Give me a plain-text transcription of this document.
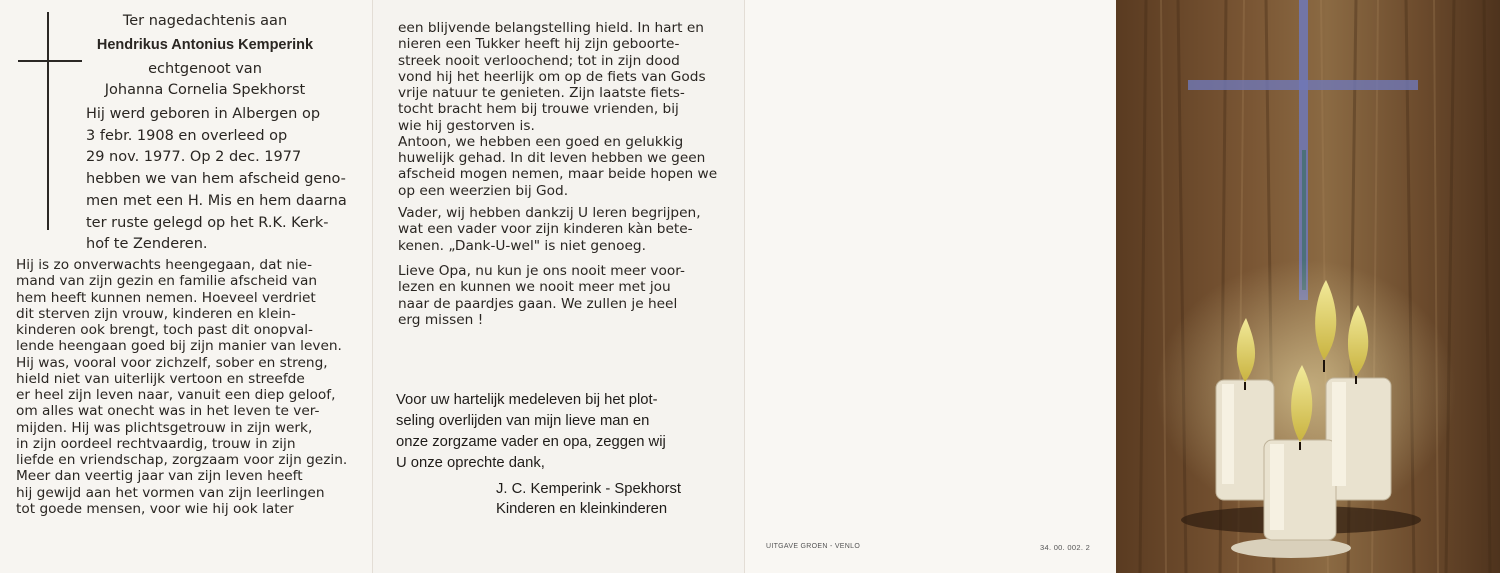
Ter nagedachtenis aan
Hendrikus Antonius Kemperink
echtgenoot van
Johanna Cornelia Spekhorst

Hij werd geboren in Albergen op
3 febr. 1908 en overleed op
29 nov. 1977. Op 2 dec. 1977
hebben we van hem afscheid geno-
men met een H. Mis en hem daarna
ter ruste gelegd op het R.K. Kerk-
hof te Zenderen.

Hij is zo onverwachts heengegaan, dat nie-
mand van zijn gezin en familie afscheid van
hem heeft kunnen nemen. Hoeveel verdriet
dit sterven zijn vrouw, kinderen en klein-
kinderen ook brengt, toch past dit onopval-
lende heengaan goed bij zijn manier van leven.
Hij was, vooral voor zichzelf, sober en streng,
hield niet van uiterlijk vertoon en streefde
er heel zijn leven naar, vanuit een diep geloof,
om alles wat onecht was in het leven te ver-
mijden. Hij was plichtsgetrouw in zijn werk,
in zijn oordeel rechtvaardig, trouw in zijn
liefde en vriendschap, zorgzaam voor zijn gezin.
Meer dan veertig jaar van zijn leven heeft
hij gewijd aan het vormen van zijn leerlingen
tot goede mensen, voor wie hij ook later

een blijvende belangstelling hield. In hart en
nieren een Tukker heeft hij zijn geboorte-
streek nooit verloochend; tot in zijn dood
vond hij het heerlijk om op de fiets van Gods
vrije natuur te genieten. Zijn laatste fiets-
tocht bracht hem bij trouwe vrienden, bij
wie hij gestorven is.
Antoon, we hebben een goed en gelukkig
huwelijk gehad. In dit leven hebben we geen
afscheid mogen nemen, maar beide hopen we
op een weerzien bij God.

Vader, wij hebben dankzij U leren begrijpen,
wat een vader voor zijn kinderen kàn bete-
kenen. „Dank-U-wel" is niet genoeg.

Lieve Opa, nu kun je ons nooit meer voor-
lezen en kunnen we nooit meer met jou
naar de paardjes gaan. We zullen je heel
erg missen !

Voor uw hartelijk medeleven bij het plot-
seling overlijden van mijn lieve man en
onze zorgzame vader en opa, zeggen wij
U onze oprechte dank,

J. C. Kemperink - Spekhorst
Kinderen en kleinkinderen
UITGAVE GROEN - VENLO	34. 00. 002. 2
